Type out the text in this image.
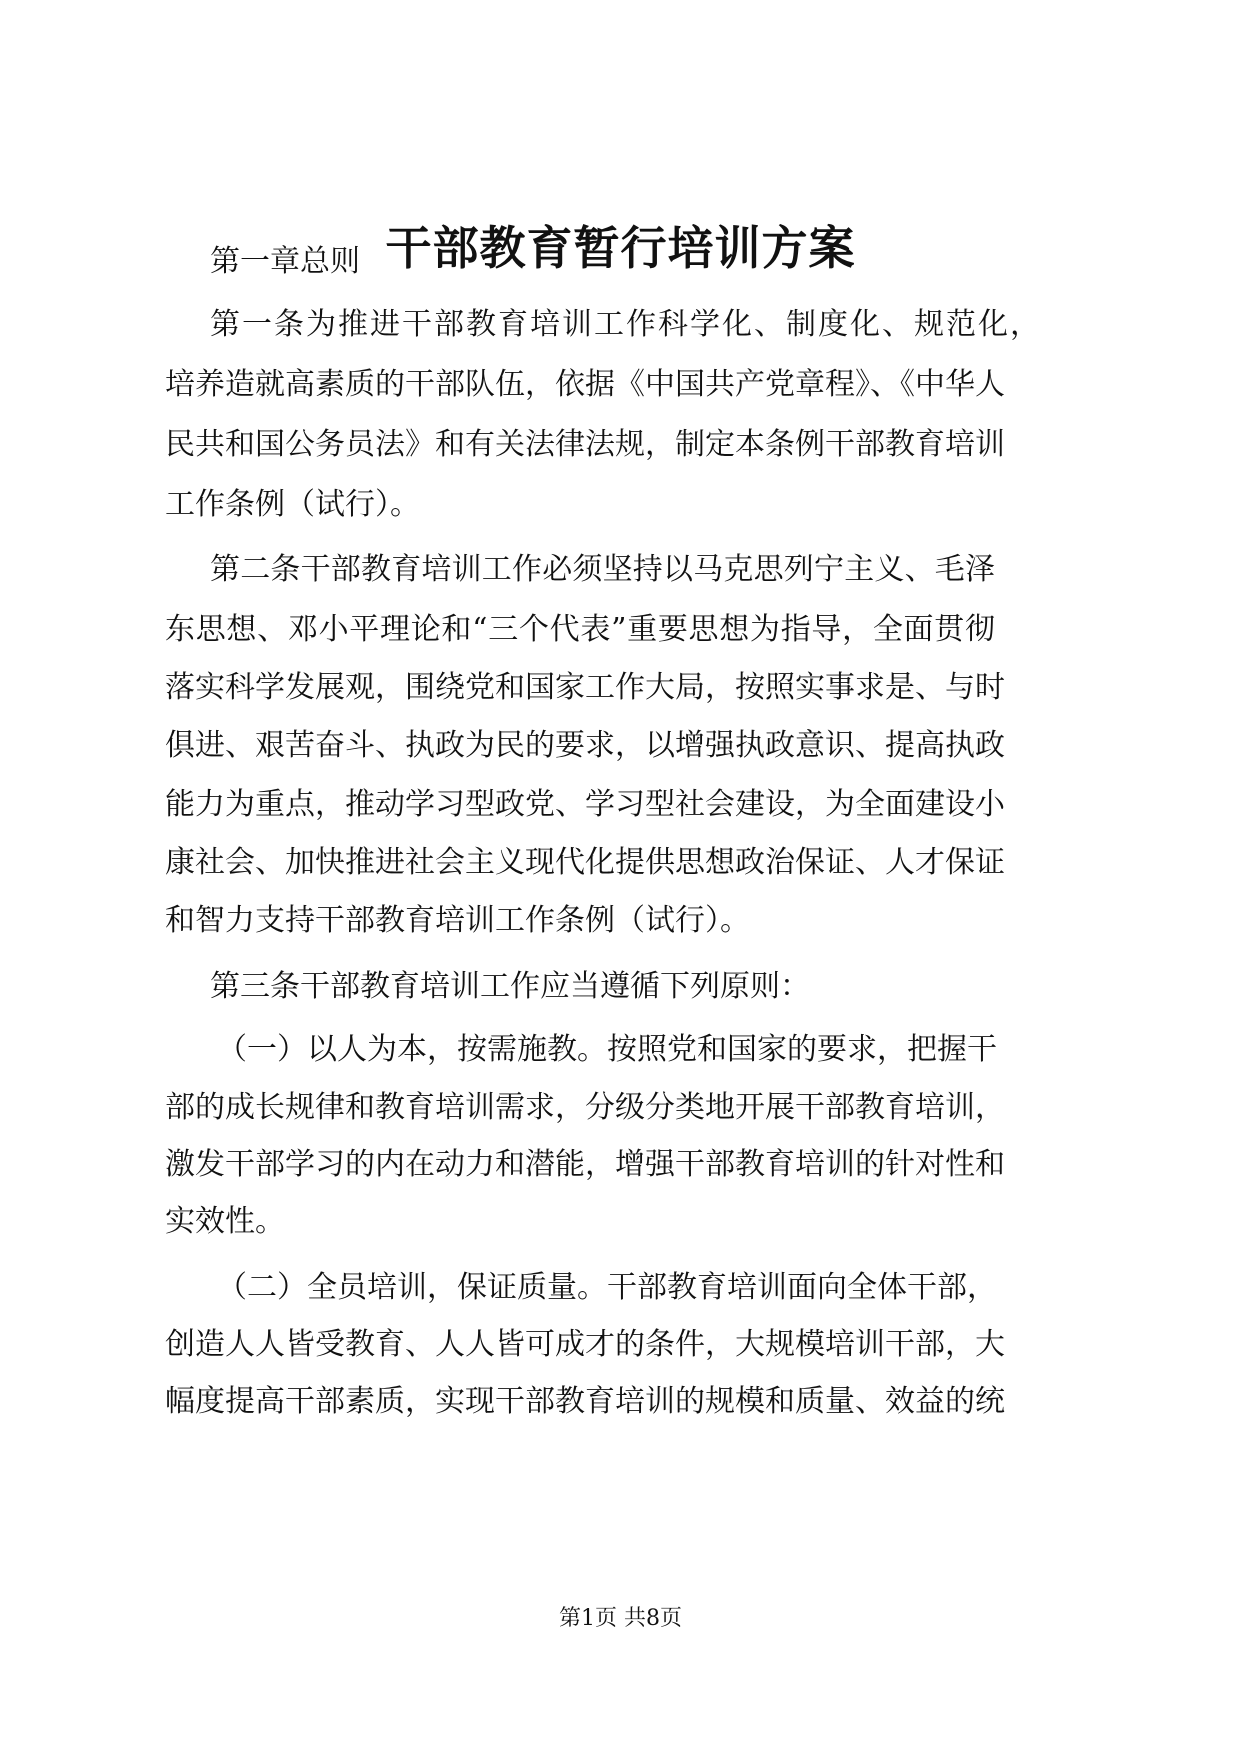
干部教育暂行培训方案
第一章总则
第一条为推进干部教育培训工作科学化、制度化、规范化，
培养造就高素质的干部队伍，依据《中国共产党章程》、《中华人
民共和国公务员法》和有关法律法规，制定本条例干部教育培训
工作条例（试行）。
第二条干部教育培训工作必须坚持以马克思列宁主义、毛泽
东思想、邓小平理论和“三个代表”重要思想为指导，全面贯彻
落实科学发展观，围绕党和国家工作大局，按照实事求是、与时
俱进、艰苦奋斗、执政为民的要求，以增强执政意识、提高执政
能力为重点，推动学习型政党、学习型社会建设，为全面建设小
康社会、加快推进社会主义现代化提供思想政治保证、人才保证
和智力支持干部教育培训工作条例（试行）。
第三条干部教育培训工作应当遵循下列原则：
（一）以人为本，按需施教。按照党和国家的要求，把握干
部的成长规律和教育培训需求，分级分类地开展干部教育培训，
激发干部学习的内在动力和潜能，增强干部教育培训的针对性和
实效性。
（二）全员培训，保证质量。干部教育培训面向全体干部，
创造人人皆受教育、人人皆可成才的条件，大规模培训干部，大
幅度提高干部素质，实现干部教育培训的规模和质量、效益的统
第1页 共8页
